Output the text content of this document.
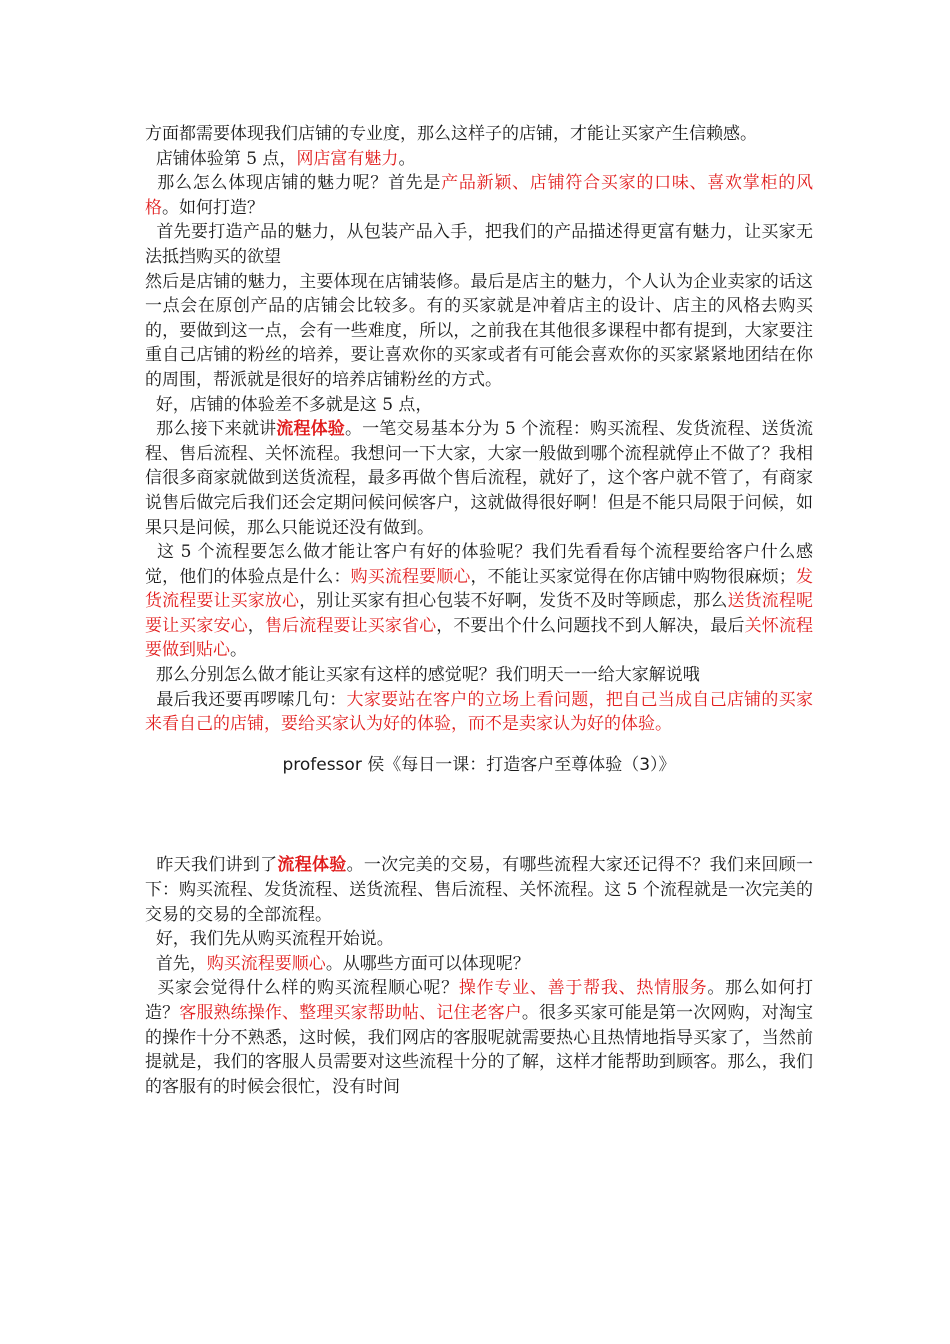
方面都需要体现我们店铺的专业度，那么这样子的店铺，才能让买家产生信赖感。

店铺体验第 5 点，网店富有魅力。

那么怎么体现店铺的魅力呢？首先是产品新颖、店铺符合买家的口味、喜欢掌柜的风格。如何打造？

首先要打造产品的魅力，从包装产品入手，把我们的产品描述得更富有魅力，让买家无法抵挡购买的欲望

然后是店铺的魅力，主要体现在店铺装修。最后是店主的魅力，个人认为企业卖家的话这一点会在原创产品的店铺会比较多。有的买家就是冲着店主的设计、店主的风格去购买的，要做到这一点，会有一些难度，所以，之前我在其他很多课程中都有提到，大家要注重自己店铺的粉丝的培养，要让喜欢你的买家或者有可能会喜欢你的买家紧紧地团结在你的周围，帮派就是很好的培养店铺粉丝的方式。

好，店铺的体验差不多就是这 5 点，

那么接下来就讲流程体验。一笔交易基本分为 5 个流程：购买流程、发货流程、送货流程、售后流程、关怀流程。我想问一下大家，大家一般做到哪个流程就停止不做了？我相信很多商家就做到送货流程，最多再做个售后流程，就好了，这个客户就不管了，有商家说售后做完后我们还会定期问候问候客户，这就做得很好啊！但是不能只局限于问候，如果只是问候，那么只能说还没有做到。

这 5 个流程要怎么做才能让客户有好的体验呢？我们先看看每个流程要给客户什么感觉，他们的体验点是什么：购买流程要顺心，不能让买家觉得在你店铺中购物很麻烦；发货流程要让买家放心，别让买家有担心包装不好啊，发货不及时等顾虑，那么送货流程呢要让买家安心，售后流程要让买家省心，不要出个什么问题找不到人解决，最后关怀流程要做到贴心。

那么分别怎么做才能让买家有这样的感觉呢？我们明天一一给大家解说哦

最后我还要再啰嗦几句：大家要站在客户的立场上看问题，把自己当成自己店铺的买家来看自己的店铺，要给买家认为好的体验，而不是卖家认为好的体验。

professor 侯《每日一课：打造客户至尊体验（3）》

昨天我们讲到了流程体验。一次完美的交易，有哪些流程大家还记得不？我们来回顾一下：购买流程、发货流程、送货流程、售后流程、关怀流程。这 5 个流程就是一次完美的交易的交易的全部流程。

好，我们先从购买流程开始说。

首先，购买流程要顺心。从哪些方面可以体现呢？

买家会觉得什么样的购买流程顺心呢？操作专业、善于帮我、热情服务。那么如何打造？客服熟练操作、整理买家帮助帖、记住老客户。很多买家可能是第一次网购，对淘宝的操作十分不熟悉，这时候，我们网店的客服呢就需要热心且热情地指导买家了，当然前提就是，我们的客服人员需要对这些流程十分的了解，这样才能帮助到顾客。那么，我们的客服有的时候会很忙，没有时间
